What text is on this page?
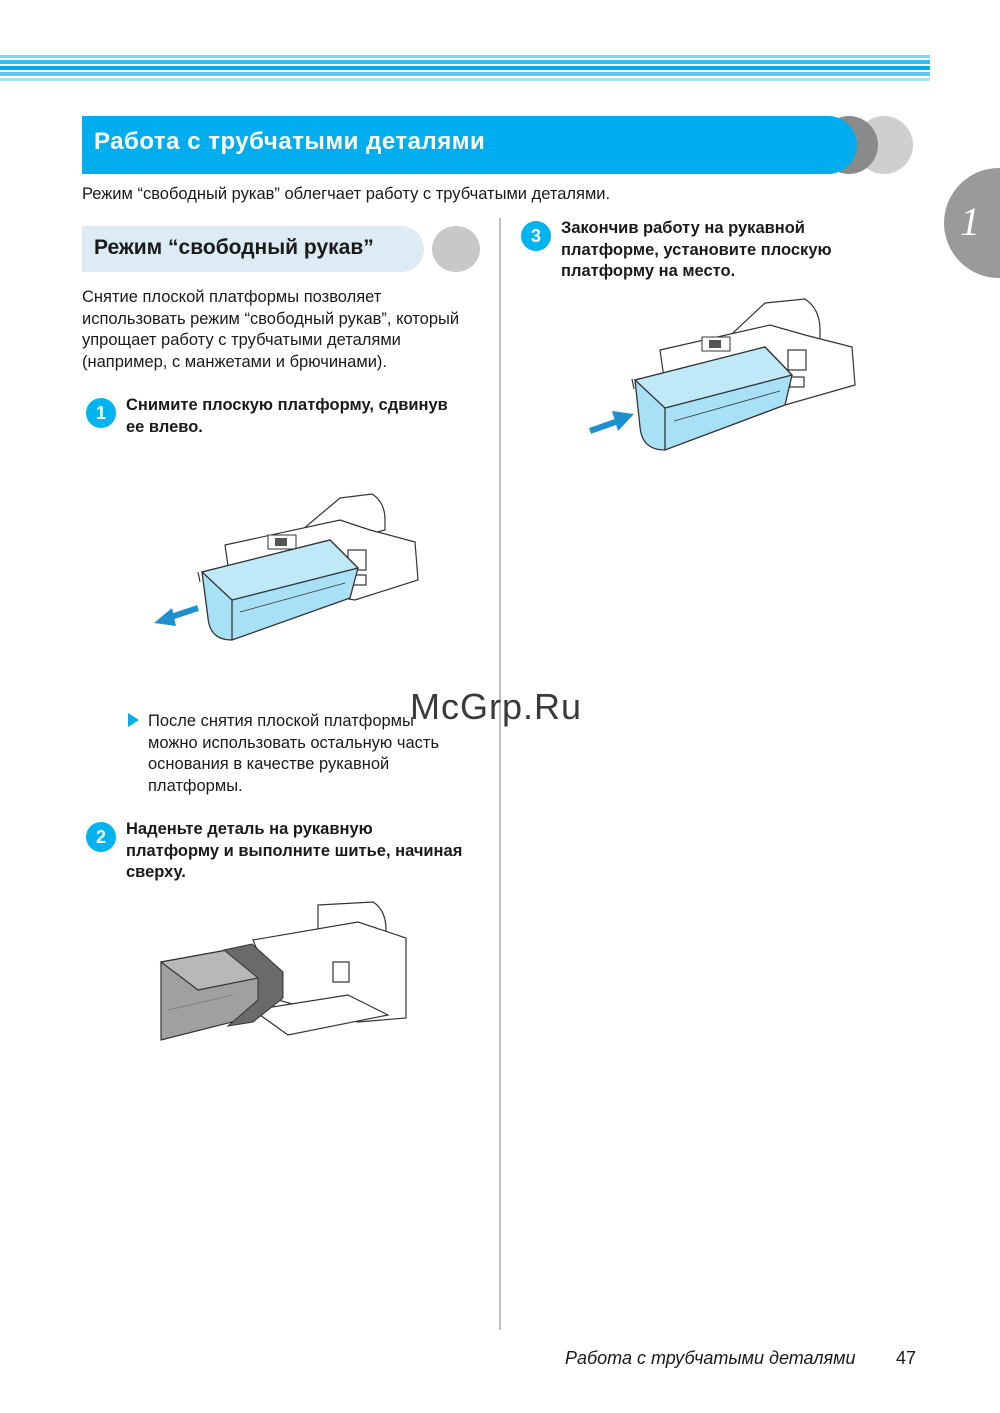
1
Работа с трубчатыми деталями
Режим “свободный рукав” облегчает работу с трубчатыми деталями.
Режим “свободный рукав”
Снятие плоской платформы позволяет
использовать режим “свободный рукав”, который
упрощает работу с трубчатыми деталями
(например, с манжетами и брючинами).
1	Снимите плоскую платформу, сдвинув
ее влево.
После снятия плоской платформы
можно использовать остальную часть
основания в качестве рукавной
платформы.
2	Наденьте деталь на рукавную
платформу и выполните шитье, начиная
сверху.
3	Закончив работу на рукавной
платформе, установите плоскую
платформу на место.
McGrp.Ru
Работа с трубчатыми деталями 47
